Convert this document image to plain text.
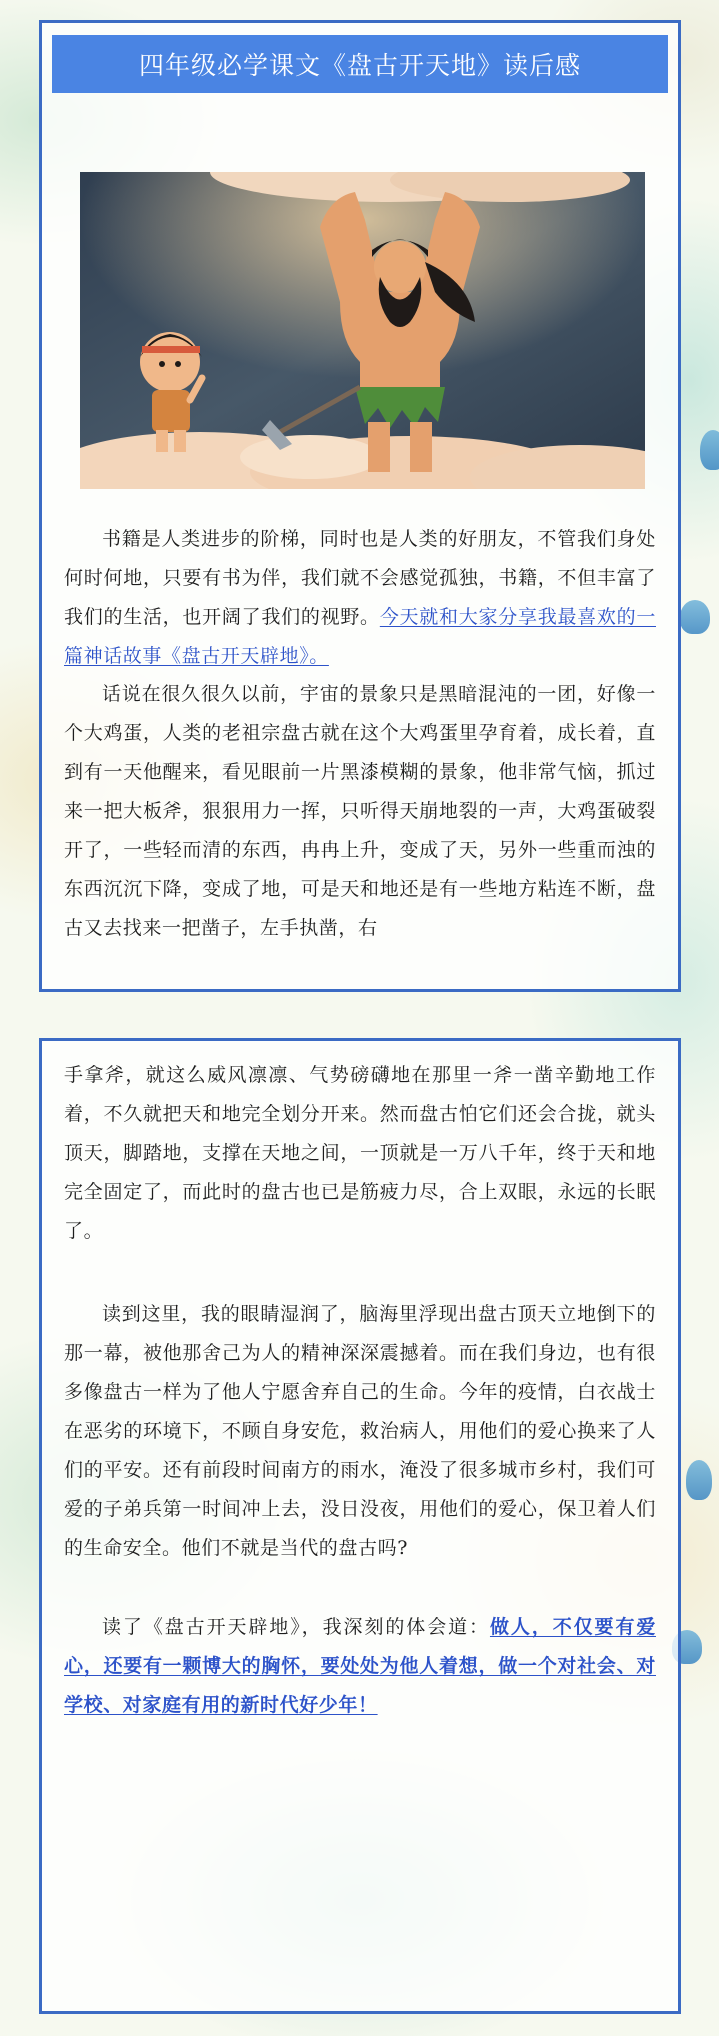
四年级必学课文《盘古开天地》读后感

书籍是人类进步的阶梯，同时也是人类的好朋友，不管我们身处何时何地，只要有书为伴，我们就不会感觉孤独，书籍，不但丰富了我们的生活，也开阔了我们的视野。今天就和大家分享我最喜欢的一篇神话故事《盘古开天辟地》。

话说在很久很久以前，宇宙的景象只是黑暗混沌的一团，好像一个大鸡蛋，人类的老祖宗盘古就在这个大鸡蛋里孕育着，成长着，直到有一天他醒来，看见眼前一片黑漆模糊的景象，他非常气恼，抓过来一把大板斧，狠狠用力一挥，只听得天崩地裂的一声，大鸡蛋破裂开了，一些轻而清的东西，冉冉上升，变成了天，另外一些重而浊的东西沉沉下降，变成了地，可是天和地还是有一些地方粘连不断，盘古又去找来一把凿子，左手执凿，右

手拿斧，就这么威风凛凛、气势磅礴地在那里一斧一凿辛勤地工作着，不久就把天和地完全划分开来。然而盘古怕它们还会合拢，就头顶天，脚踏地，支撑在天地之间，一顶就是一万八千年，终于天和地完全固定了，而此时的盘古也已是筋疲力尽，合上双眼，永远的长眠了。

读到这里，我的眼睛湿润了，脑海里浮现出盘古顶天立地倒下的那一幕，被他那舍己为人的精神深深震撼着。而在我们身边，也有很多像盘古一样为了他人宁愿舍弃自己的生命。今年的疫情，白衣战士在恶劣的环境下，不顾自身安危，救治病人，用他们的爱心换来了人们的平安。还有前段时间南方的雨水，淹没了很多城市乡村，我们可爱的子弟兵第一时间冲上去，没日没夜，用他们的爱心，保卫着人们的生命安全。他们不就是当代的盘古吗?

读了《盘古开天辟地》，我深刻的体会道：做人，不仅要有爱心，还要有一颗博大的胸怀，要处处为他人着想，做一个对社会、对学校、对家庭有用的新时代好少年！
